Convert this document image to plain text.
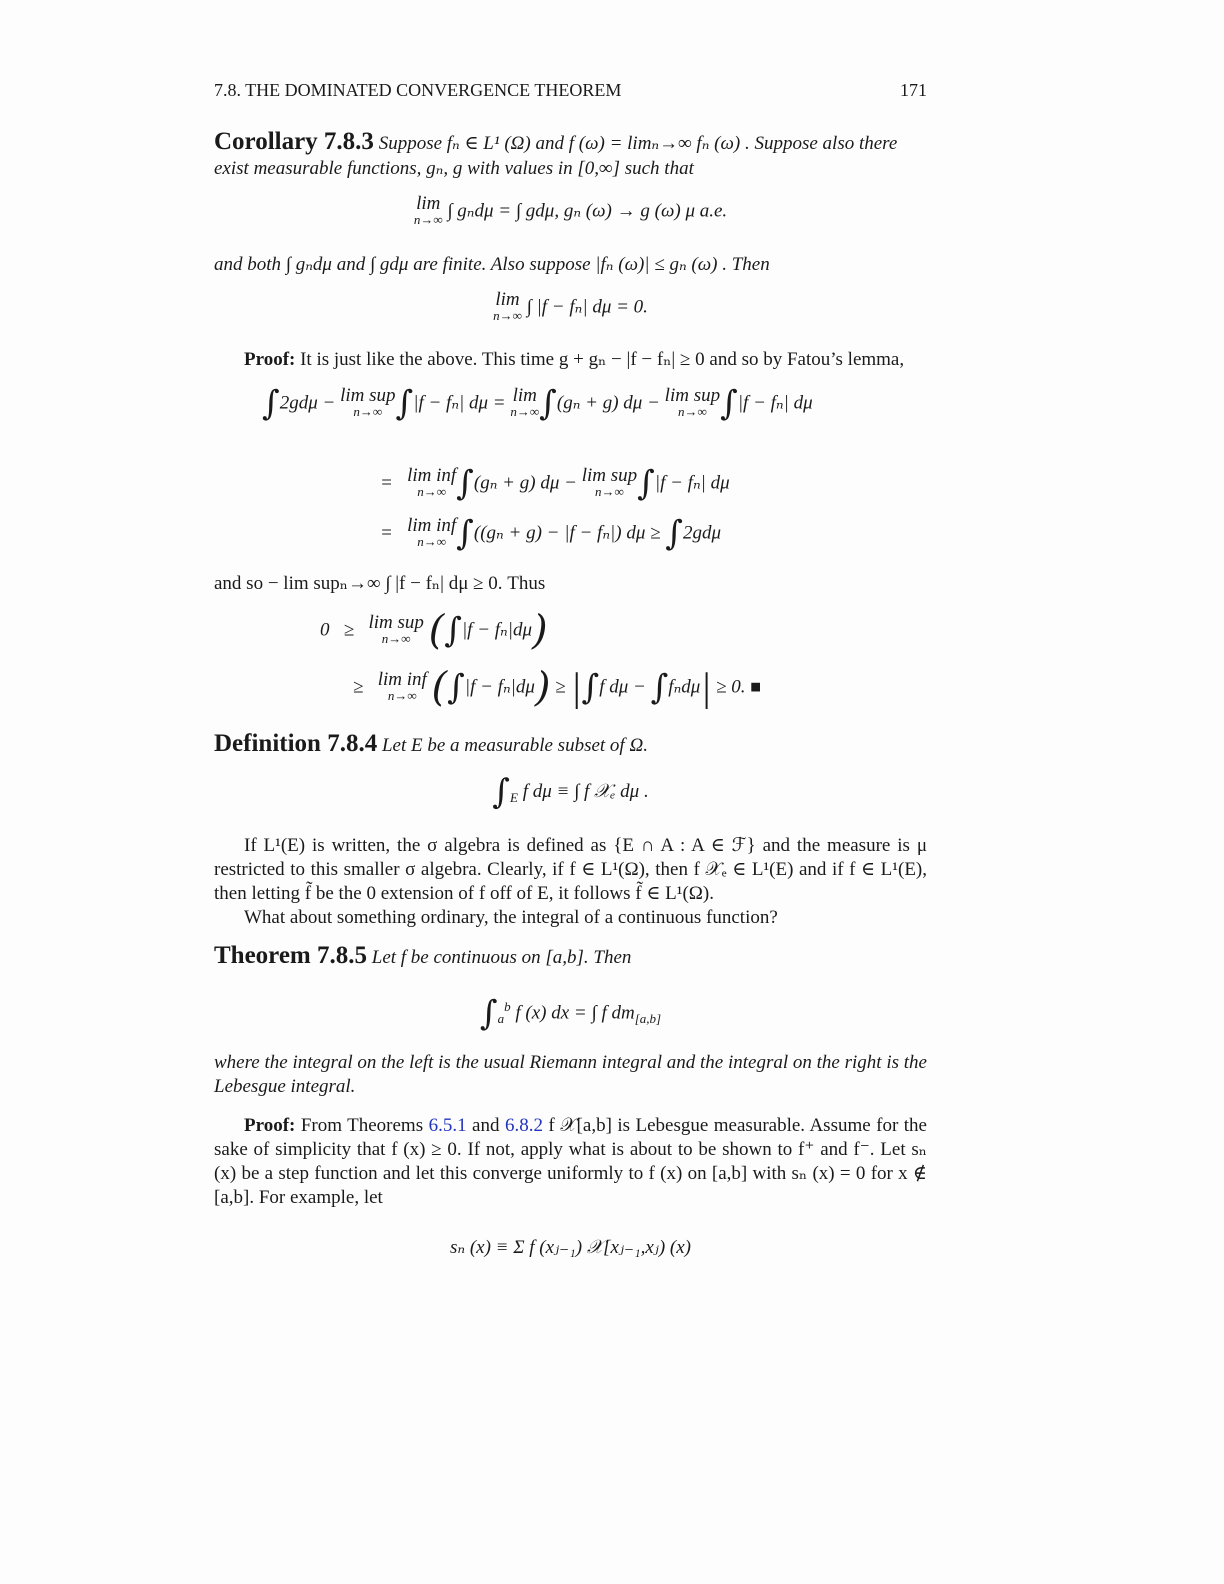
7.8. THE DOMINATED CONVERGENCE THEOREM	171
Corollary 7.8.3 Suppose fₙ ∈ L¹ (Ω) and f (ω) = limₙ→∞ fₙ (ω) . Suppose also there
exist measurable functions, gₙ, g with values in [0,∞] such that
lim
n→∞ ∫ gₙdμ = ∫ gdμ, gₙ (ω) → g (ω) μ a.e.
and both ∫ gₙdμ and ∫ gdμ are finite. Also suppose |fₙ (ω)| ≤ gₙ (ω) . Then
lim
n→∞ ∫ |f − fₙ| dμ = 0.
Proof: It is just like the above. This time g + gₙ − |f − fₙ| ≥ 0 and so by Fatou’s lemma,
∫2gdμ − lim sup
n→∞ ∫|f − fₙ| dμ = lim
n→∞ ∫(gₙ + g) dμ − lim sup
n→∞ ∫|f − fₙ| dμ
=   lim inf
n→∞ ∫(gₙ + g) dμ − lim sup
n→∞ ∫|f − fₙ| dμ
=   lim inf
n→∞ ∫((gₙ + g) − |f − fₙ|) dμ ≥ ∫2gdμ
and so − lim supₙ→∞ ∫ |f − fₙ| dμ ≥ 0. Thus
0   ≥   lim sup
n→∞ (∫|f − fₙ|dμ)
≥   lim inf
n→∞ (∫|f − fₙ|dμ) ≥ |∫f dμ − ∫fₙdμ| ≥ 0. ■
Definition 7.8.4 Let E be a measurable subset of Ω.
$\int_E$ f dμ ≡ ∫ f 𝒳ₑ dμ .
If L¹(E) is written, the σ algebra is defined as {E ∩ A : A ∈ ℱ} and the measure is μ restricted to this smaller σ algebra. Clearly, if f ∈ L¹(Ω), then f 𝒳ₑ ∈ L¹(E) and if f ∈ L¹(E), then letting f̃ be the 0 extension of f off of E, it follows f̃ ∈ L¹(Ω).
What about something ordinary, the integral of a continuous function?
Theorem 7.8.5 Let f be continuous on [a,b]. Then
$\int_a^b$ f (x) dx = ∫ f $dm_{[a,b]}$
where the integral on the left is the usual Riemann integral and the integral on the right is the Lebesgue integral.
Proof: From Theorems 6.5.1 and 6.8.2 f 𝒳[a,b] is Lebesgue measurable. Assume for the sake of simplicity that f (x) ≥ 0. If not, apply what is about to be shown to f⁺ and f⁻. Let sₙ (x) be a step function and let this converge uniformly to f (x) on [a,b] with sₙ (x) = 0 for x ∉ [a,b]. For example, let
sₙ (x) ≡ Σ f (xⱼ₋₁) 𝒳[xⱼ₋₁,xⱼ) (x)
